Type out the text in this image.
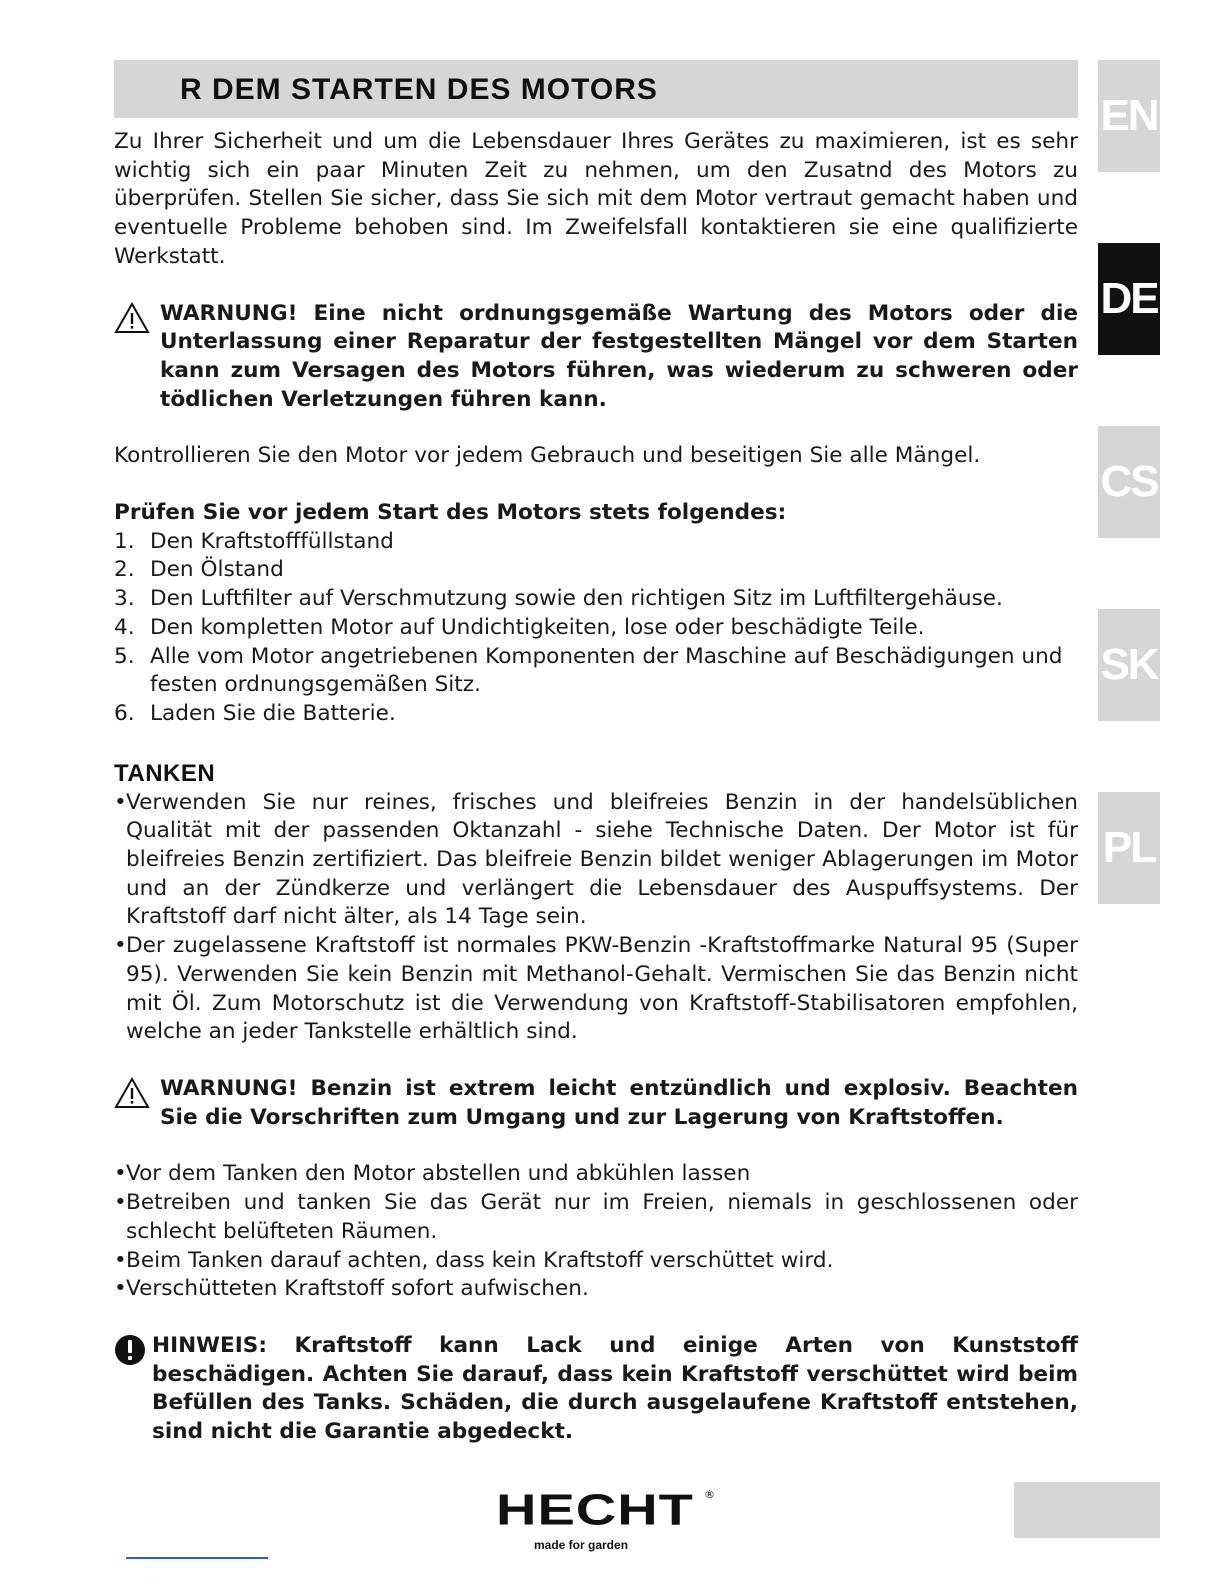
R DEM STARTEN DES MOTORS
EN
DE
CS
SK
PL

Zu Ihrer Sicherheit und um die Lebensdauer Ihres Gerätes zu maximieren, ist es sehr wichtig sich ein paar Minuten Zeit zu nehmen, um den Zusatnd des Motors zu überprüfen. Stellen Sie sicher, dass Sie sich mit dem Motor vertraut gemacht haben und eventuelle Probleme behoben sind. Im Zweifelsfall kontaktieren sie eine qualifizierte Werkstatt.

WARNUNG! Eine nicht ordnungsgemäße Wartung des Motors oder die Unterlassung einer Reparatur der festgestellten Mängel vor dem Starten kann zum Versagen des Motors führen, was wiederum zu schweren oder tödlichen Verletzungen führen kann.

Kontrollieren Sie den Motor vor jedem Gebrauch und beseitigen Sie alle Mängel.

Prüfen Sie vor jedem Start des Motors stets folgendes:

1. Den Kraftstofffüllstand
2. Den Ölstand
3. Den Luftfilter auf Verschmutzung sowie den richtigen Sitz im Luftfiltergehäuse.
4. Den kompletten Motor auf Undichtigkeiten, lose oder beschädigte Teile.
5. Alle vom Motor angetriebenen Komponenten der Maschine auf Beschädigungen und festen ordnungsgemäßen Sitz.
6. Laden Sie die Batterie.
TANKEN
• Verwenden Sie nur reines, frisches und bleifreies Benzin in der handelsüblichen Qualität mit der passenden Oktanzahl - siehe Technische Daten. Der Motor ist für bleifreies Benzin zertifiziert. Das bleifreie Benzin bildet weniger Ablagerungen im Motor und an der Zündkerze und verlängert die Lebensdauer des Auspuffsystems. Der Kraftstoff darf nicht älter, als 14 Tage sein.
• Der zugelassene Kraftstoff ist normales PKW-Benzin -Kraftstoffmarke Natural 95 (Super 95). Verwenden Sie kein Benzin mit Methanol-Gehalt. Vermischen Sie das Benzin nicht mit Öl. Zum Motorschutz ist die Verwendung von Kraftstoff-Stabilisatoren empfohlen, welche an jeder Tankstelle erhältlich sind.
WARNUNG! Benzin ist extrem leicht entzündlich und explosiv. Beachten Sie die Vorschriften zum Umgang und zur Lagerung von Kraftstoffen.
• Vor dem Tanken den Motor abstellen und abkühlen lassen
• Betreiben und tanken Sie das Gerät nur im Freien, niemals in geschlossenen oder schlecht belüfteten Räumen.
• Beim Tanken darauf achten, dass kein Kraftstoff verschüttet wird.
• Verschütteten Kraftstoff sofort aufwischen.
HINWEIS: Kraftstoff kann Lack und einige Arten von Kunststoff beschädigen. Achten Sie darauf, dass kein Kraftstoff verschüttet wird beim Befüllen des Tanks. Schäden, die durch ausgelaufene Kraftstoff entstehen, sind nicht die Garantie abgedeckt.
HECHT ®
made for garden
